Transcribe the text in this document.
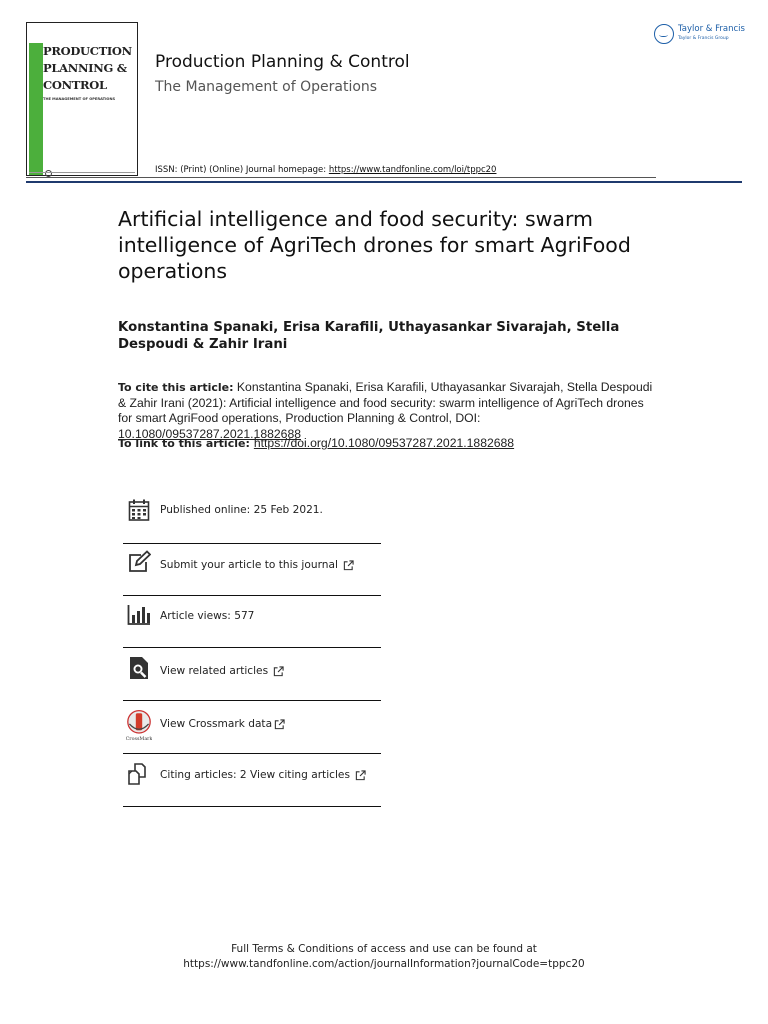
PRODUCTION
PLANNING &
CONTROL
THE MANAGEMENT OF OPERATIONS
Production Planning & Control
The Management of Operations
ISSN: (Print) (Online) Journal homepage: https://www.tandfonline.com/loi/tppc20
Taylor & Francis
Taylor & Francis Group
Artificial intelligence and food security: swarm intelligence of AgriTech drones for smart AgriFood operations
Konstantina Spanaki, Erisa Karafili, Uthayasankar Sivarajah, Stella Despoudi & Zahir Irani
To cite this article: Konstantina Spanaki, Erisa Karafili, Uthayasankar Sivarajah, Stella Despoudi & Zahir Irani (2021): Artificial intelligence and food security: swarm intelligence of AgriTech drones for smart AgriFood operations, Production Planning & Control, DOI: 10.1080/09537287.2021.1882688
To link to this article: https://doi.org/10.1080/09537287.2021.1882688
Published online: 25 Feb 2021.
Submit your article to this journal
Article views: 577
View related articles
CrossMark
View Crossmark data
Citing articles: 2 View citing articles
Full Terms & Conditions of access and use can be found at
https://www.tandfonline.com/action/journalInformation?journalCode=tppc20
